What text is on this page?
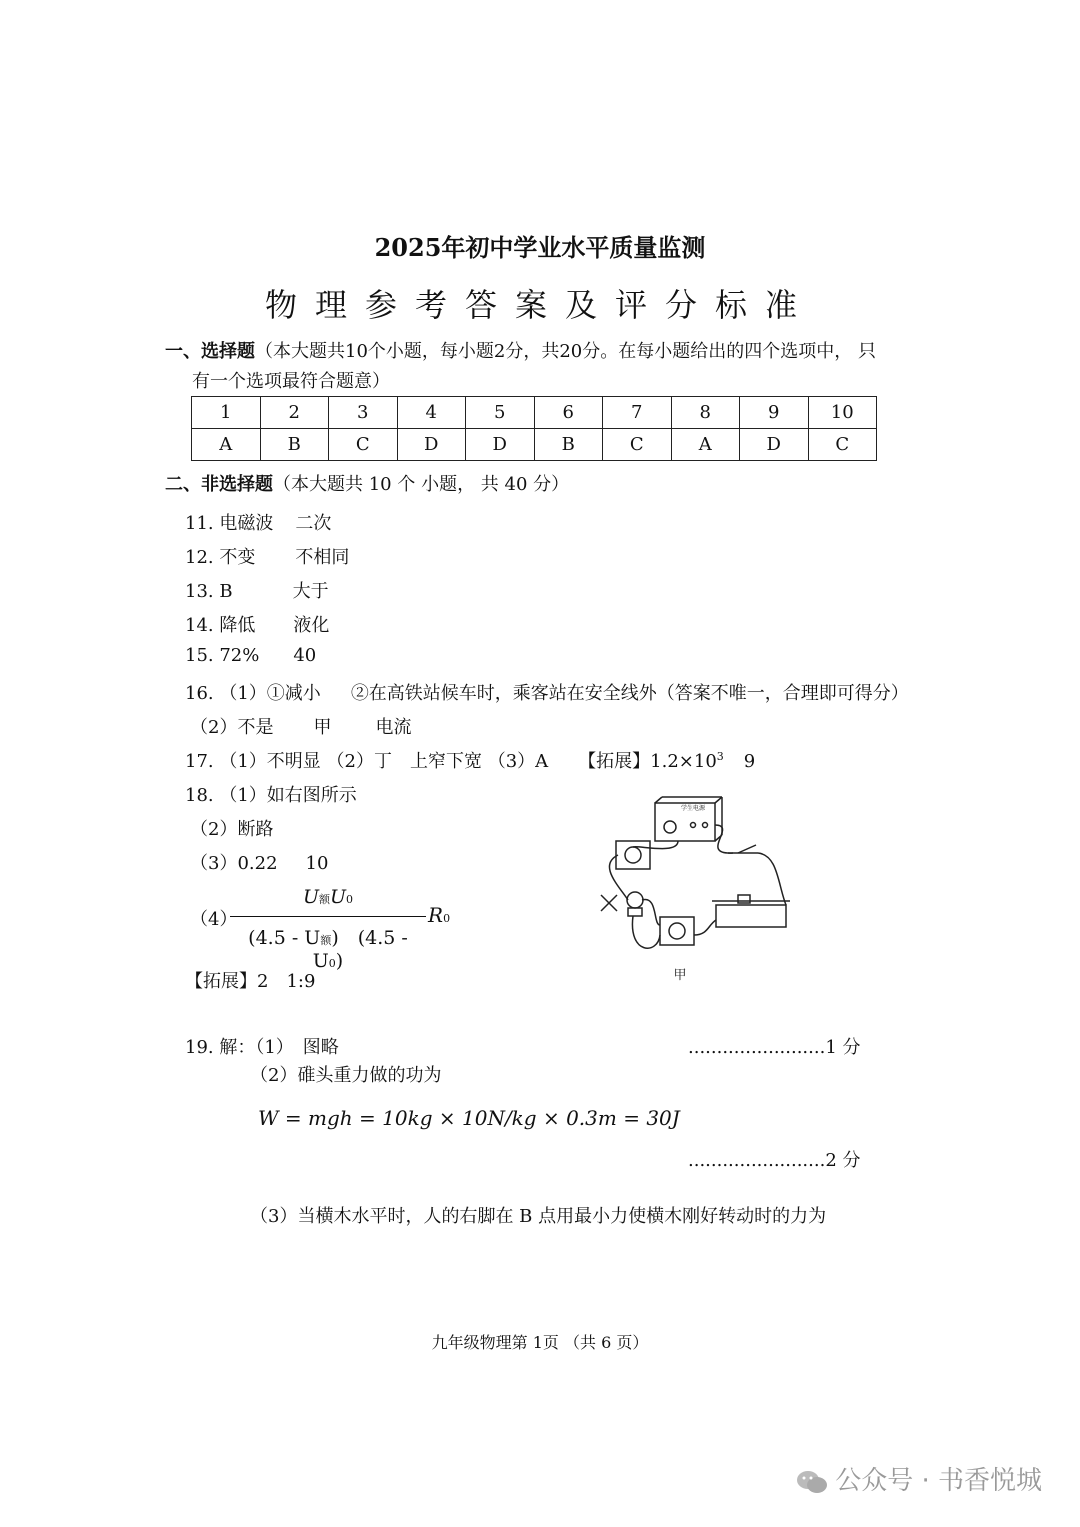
2025年初中学业水平质量监测
物理参考答案及评分标准
一、选择题（本大题共10个小题，每小题2分，共20分。在每小题给出的四个选项中， 只
有一个选项最符合题意）
1	2	3	4	5	6	7	8	9	10
A	B	C	D	D	B	C	A	D	C
二、非选择题（本大题共 10 个 小题， 共 40 分）
11. 电磁波 二次
12. 不变 不相同
13. B	大于
14. 降低 液化
15. 72% 40
16. （1）①减小 ②在高铁站候车时，乘客站在安全线外（答案不唯一，合理即可得分）
（2）不是 甲 电流
17. （1）不明显 （2）丁　上窄下宽 （3）A 【拓展】$1.2\times 10^3$ 9
18. （1）如右图所示
（2）断路
（3）0.22 10
（4）
U额U0
(4.5 - U额)　(4.5 - U0)
R0
【拓展】2　1:9
学生电源
甲
19. 解：（1）　图略	........................1 分
（2）碓头重力做的功为
W = mgh = 10kg × 10N/kg × 0.3m = 30J
........................2 分
（3）当横木水平时，人的右脚在 B 点用最小力使横木刚好转动时的力为
九年级物理第 1页 （共 6 页）
公众号 · 书香悦城
